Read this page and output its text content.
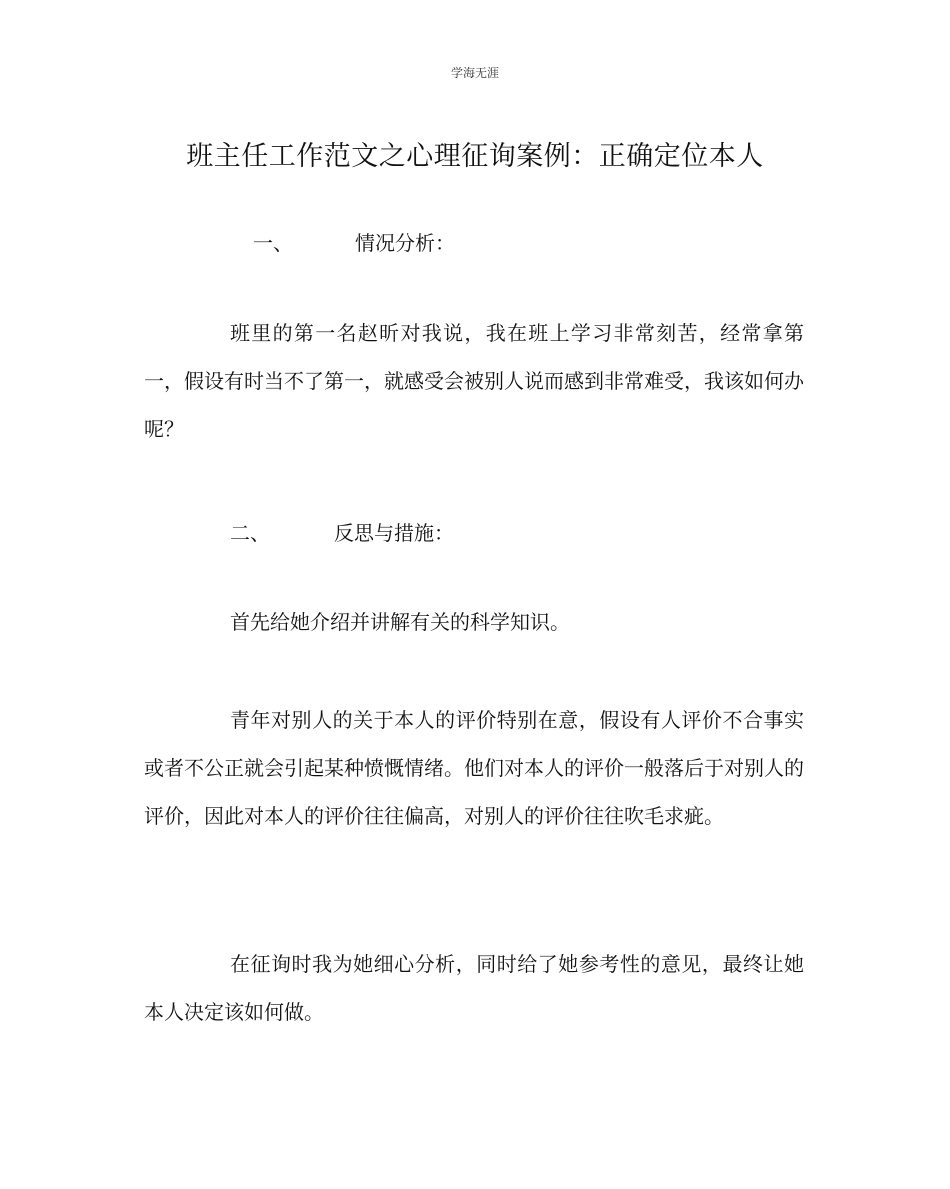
学海无涯
班主任工作范文之心理征询案例：正确定位本人
一、	情况分析：

班里的第一名赵昕对我说，我在班上学习非常刻苦，经常拿第一，假设有时当不了第一，就感受会被别人说而感到非常难受，我该如何办呢？

二、	反思与措施：

首先给她介绍并讲解有关的科学知识。

青年对别人的关于本人的评价特别在意，假设有人评价不合事实或者不公正就会引起某种愤慨情绪。他们对本人的评价一般落后于对别人的评价，因此对本人的评价往往偏高，对别人的评价往往吹毛求疵。

在征询时我为她细心分析，同时给了她参考性的意见，最终让她本人决定该如何做。
